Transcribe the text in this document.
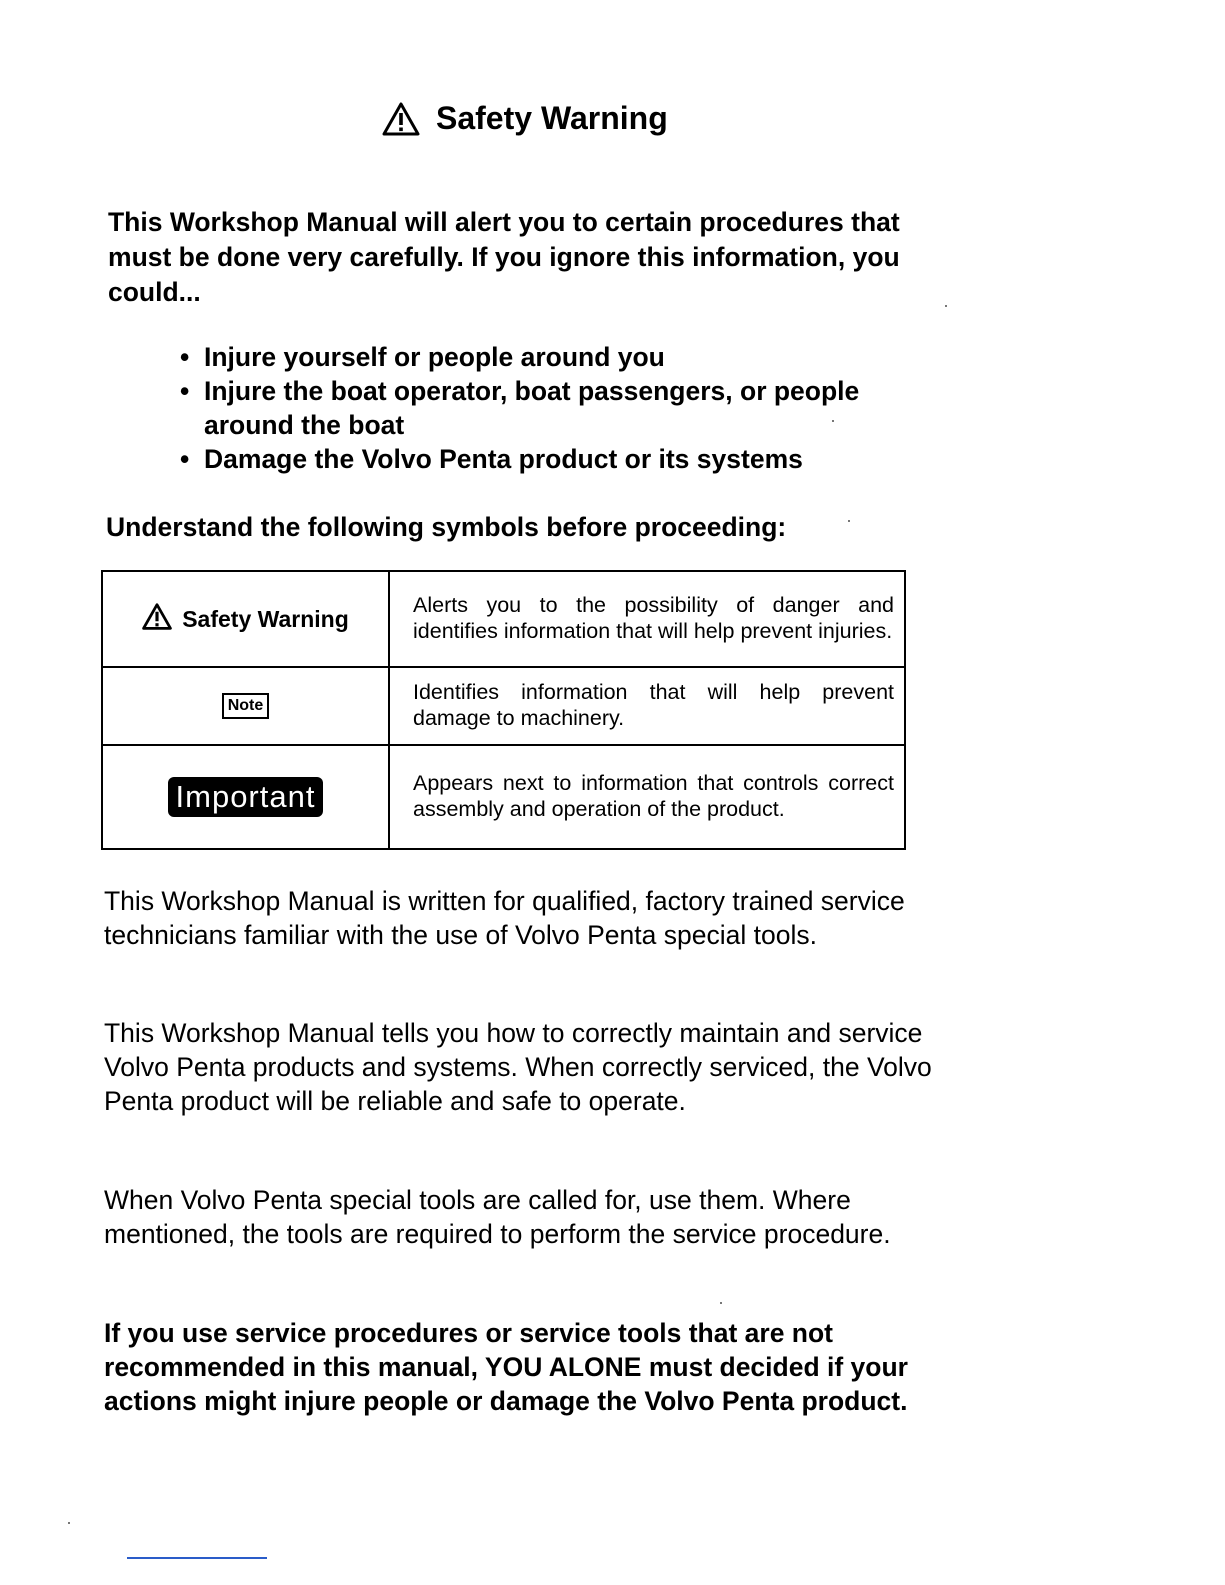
Safety Warning

This Workshop Manual will alert you to certain procedures that must be done very carefully. If you ignore this information, you could...

• Injure yourself or people around you
• Injure the boat operator, boat passengers, or people around the boat
• Damage the Volvo Penta product or its systems

Understand the following symbols before proceeding:

Safety Warning	Alerts you to the possibility of danger and identifies information that will help prevent injuries.
Note	Identifies information that will help prevent damage to machinery.
Important	Appears next to information that controls correct assembly and operation of the product.

This Workshop Manual is written for qualified, factory trained service technicians familiar with the use of Volvo Penta special tools.

This Workshop Manual tells you how to correctly maintain and service Volvo Penta products and systems. When correctly serviced, the Volvo Penta product will be reliable and safe to operate.

When Volvo Penta special tools are called for, use them. Where mentioned, the tools are required to perform the service procedure.

If you use service procedures or service tools that are not recommended in this manual, YOU ALONE must decided if your actions might injure people or damage the Volvo Penta product.
